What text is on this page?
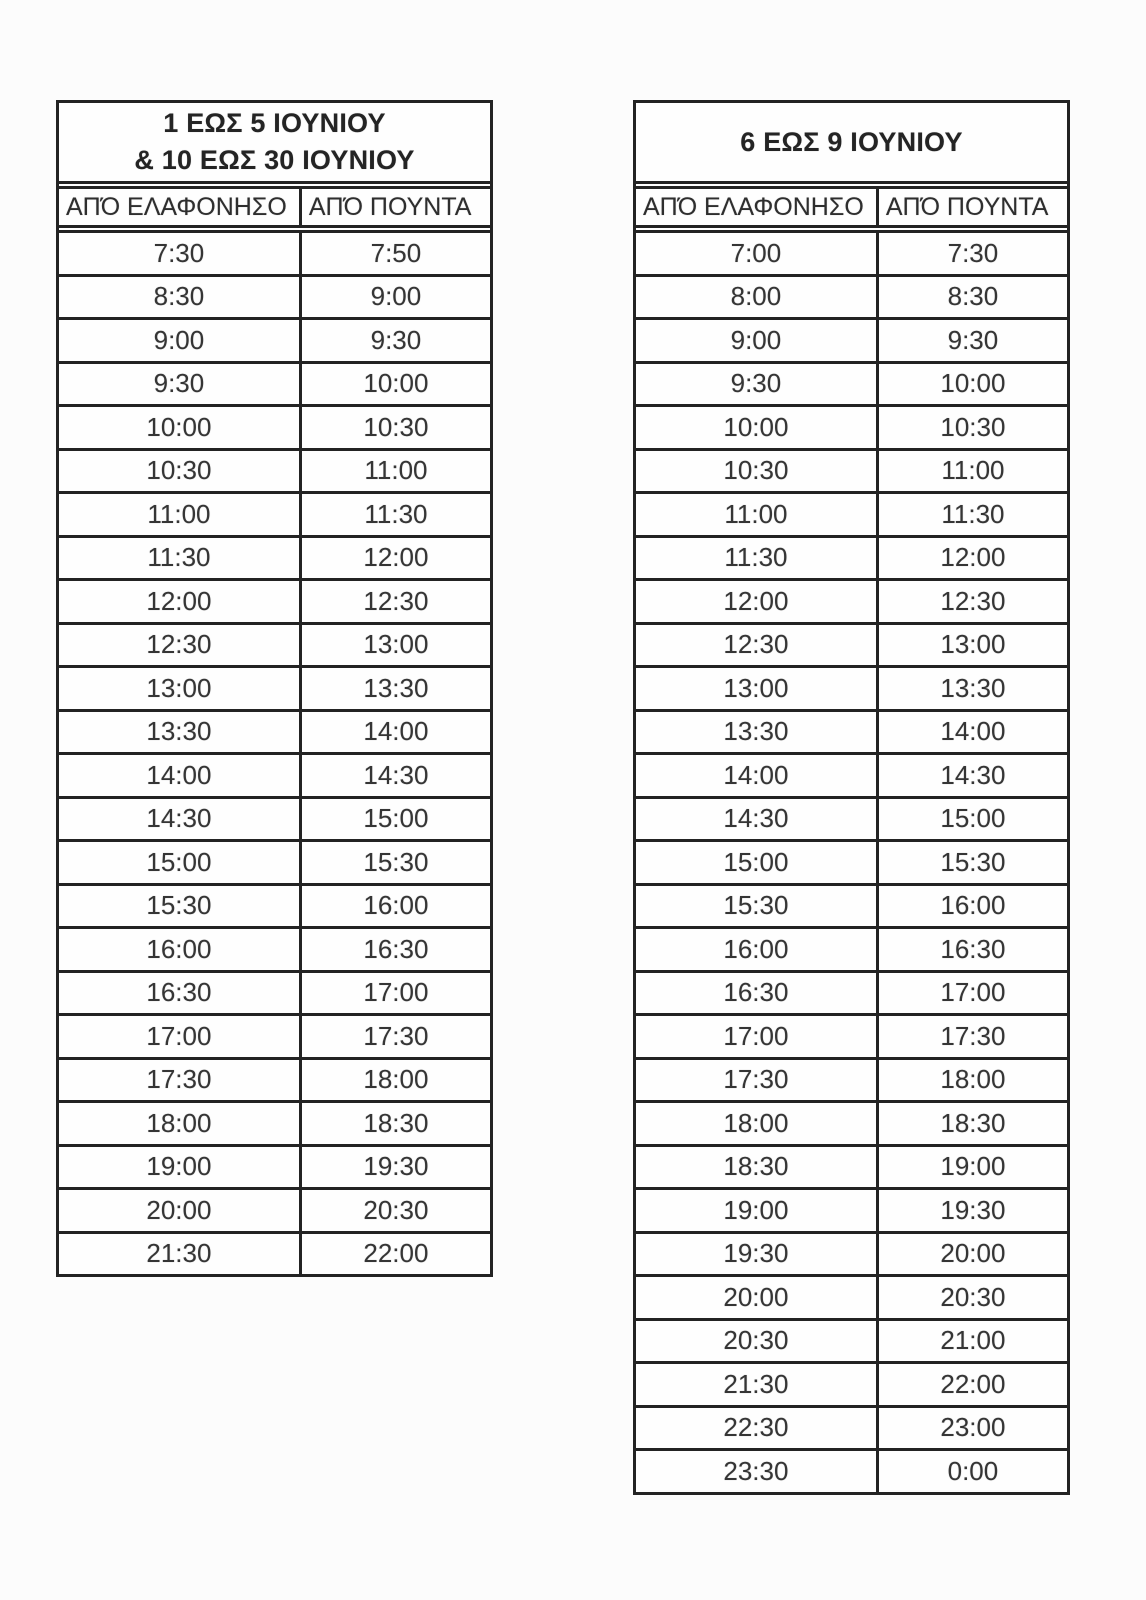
1 ΕΩΣ 5 ΙΟΥΝΙΟΥ
& 10 ΕΩΣ 30 ΙΟΥΝΙΟΥ
ΑΠΌ ΕΛΑΦΟΝΗΣΟ	ΑΠΌ ΠΟΥΝΤΑ
7:30	7:50
8:30	9:00
9:00	9:30
9:30	10:00
10:00	10:30
10:30	11:00
11:00	11:30
11:30	12:00
12:00	12:30
12:30	13:00
13:00	13:30
13:30	14:00
14:00	14:30
14:30	15:00
15:00	15:30
15:30	16:00
16:00	16:30
16:30	17:00
17:00	17:30
17:30	18:00
18:00	18:30
19:00	19:30
20:00	20:30
21:30	22:00
6 ΕΩΣ 9 ΙΟΥΝΙΟΥ
ΑΠΌ ΕΛΑΦΟΝΗΣΟ	ΑΠΌ ΠΟΥΝΤΑ
7:00	7:30
8:00	8:30
9:00	9:30
9:30	10:00
10:00	10:30
10:30	11:00
11:00	11:30
11:30	12:00
12:00	12:30
12:30	13:00
13:00	13:30
13:30	14:00
14:00	14:30
14:30	15:00
15:00	15:30
15:30	16:00
16:00	16:30
16:30	17:00
17:00	17:30
17:30	18:00
18:00	18:30
18:30	19:00
19:00	19:30
19:30	20:00
20:00	20:30
20:30	21:00
21:30	22:00
22:30	23:00
23:30	0:00
